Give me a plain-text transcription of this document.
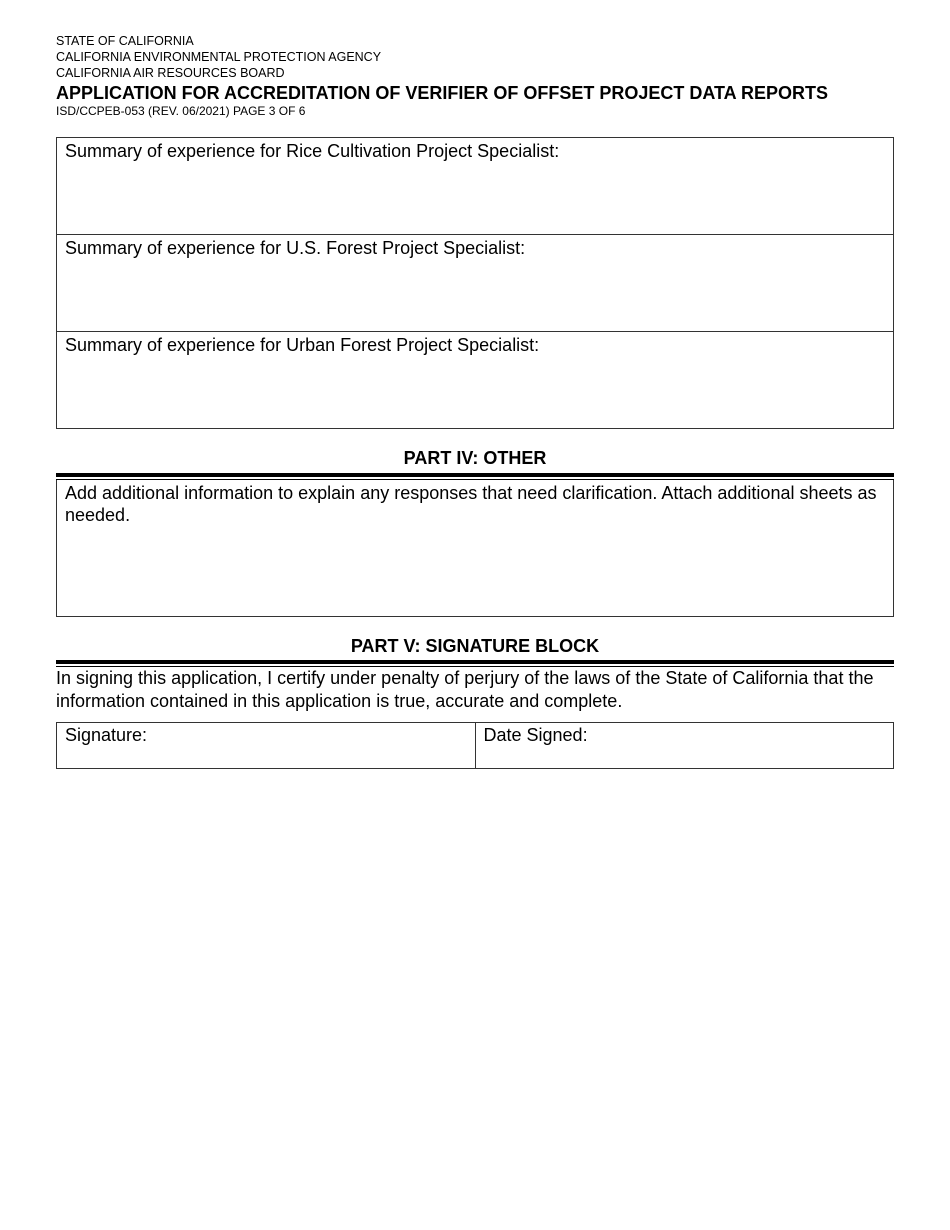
STATE OF CALIFORNIA

CALIFORNIA ENVIRONMENTAL PROTECTION AGENCY

CALIFORNIA AIR RESOURCES BOARD

APPLICATION FOR ACCREDITATION OF VERIFIER OF OFFSET PROJECT DATA REPORTS

ISD/CCPEB-053 (REV. 06/2021) PAGE 3 OF 6

Summary of experience for Rice Cultivation Project Specialist:
Summary of experience for U.S. Forest Project Specialist:
Summary of experience for Urban Forest Project Specialist:
PART IV: OTHER
Add additional information to explain any responses that need clarification. Attach additional sheets as needed.
PART V: SIGNATURE BLOCK
In signing this application, I certify under penalty of perjury of the laws of the State of California that the information contained in this application is true, accurate and complete.
Signature:	Date Signed:
